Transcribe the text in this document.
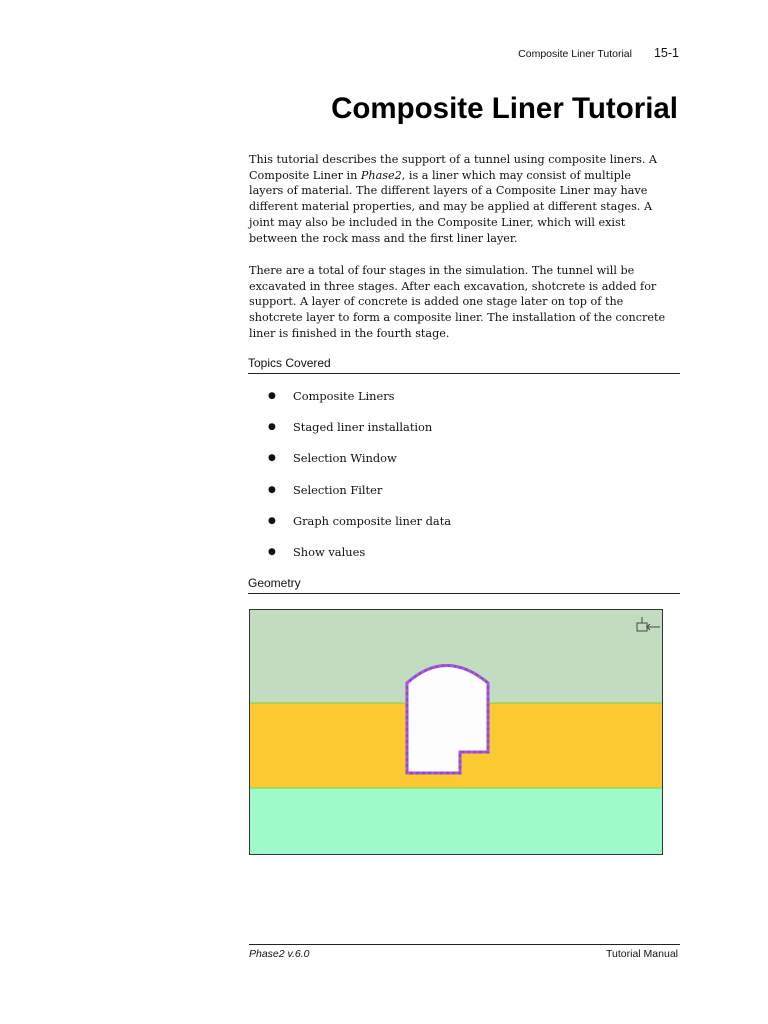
Composite Liner Tutorial 15-1
Composite Liner Tutorial
This tutorial describes the support of a tunnel using composite liners. A
Composite Liner in Phase2, is a liner which may consist of multiple
layers of material. The different layers of a Composite Liner may have
different material properties, and may be applied at different stages. A
joint may also be included in the Composite Liner, which will exist
between the rock mass and the first liner layer.
There are a total of four stages in the simulation. The tunnel will be
excavated in three stages. After each excavation, shotcrete is added for
support. A layer of concrete is added one stage later on top of the
shotcrete layer to form a composite liner. The installation of the concrete
liner is finished in the fourth stage.
Topics Covered
●	Composite Liners
●	Staged liner installation
●	Selection Window
●	Selection Filter
●	Graph composite liner data
●	Show values
Geometry
Phase2 v.6.0	Tutorial Manual
